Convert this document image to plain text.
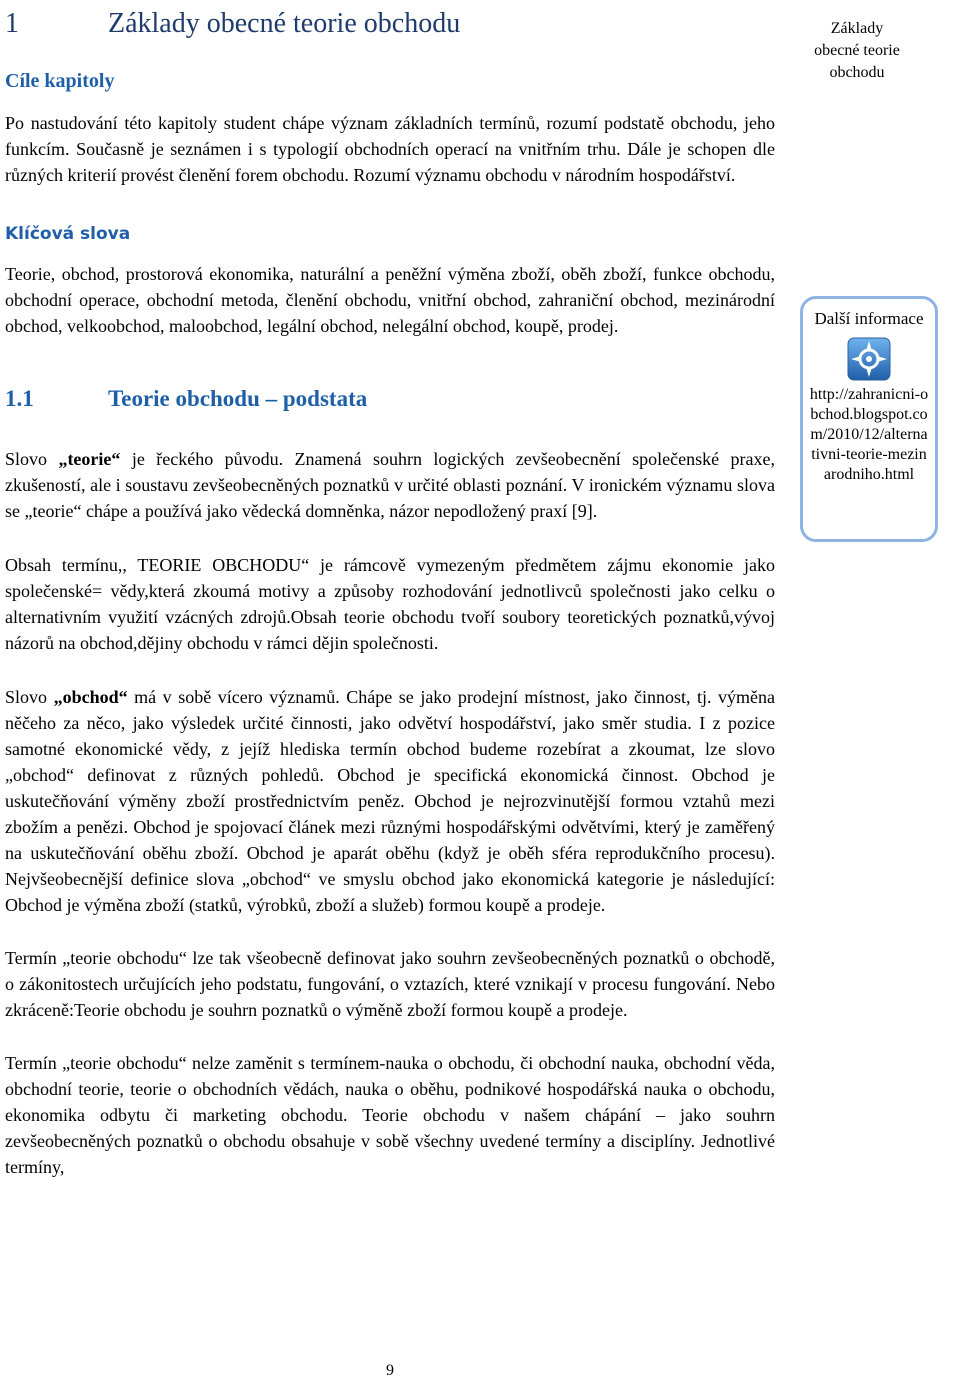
1	Základy obecné teorie obchodu
Cíle kapitoly

Po nastudování této kapitoly student chápe význam základních termínů, rozumí podstatě obchodu, jeho funkcím. Současně je seznámen i s typologií obchodních operací na vnitřním trhu. Dále je schopen dle různých kriterií provést členění forem obchodu. Rozumí významu obchodu v národním hospodářství.

Klíčová slova

Teorie, obchod, prostorová ekonomika, naturální a peněžní výměna zboží, oběh zboží, funkce obchodu, obchodní operace, obchodní metoda, členění obchodu, vnitřní obchod, zahraniční obchod, mezinárodní obchod, velkoobchod, maloobchod, legální obchod, nelegální obchod, koupě, prodej.

1.1	Teorie obchodu – podstata

Slovo „teorie“ je řeckého původu. Znamená souhrn logických zevšeobecnění společenské praxe, zkušeností, ale i soustavu zevšeobecněných poznatků v určité oblasti poznání. V ironickém významu slova se „teorie“ chápe a používá jako vědecká domněnka, názor nepodložený praxí [9].

Obsah termínu,, TEORIE OBCHODU“ je rámcově vymezeným předmětem zájmu ekonomie jako společenské= vědy,která zkoumá motivy a způsoby rozhodování jednotlivců společnosti jako celku o alternativním využití vzácných zdrojů.Obsah teorie obchodu tvoří soubory teoretických poznatků,vývoj názorů na obchod,dějiny obchodu v rámci dějin společnosti.

Slovo „obchod“ má v sobě vícero významů. Chápe se jako prodejní místnost, jako činnost, tj. výměna něčeho za něco, jako výsledek určité činnosti, jako odvětví hospodářství, jako směr studia. I z pozice samotné ekonomické vědy, z jejíž hlediska termín obchod budeme rozebírat a zkoumat, lze slovo „obchod“ definovat z různých pohledů. Obchod je specifická ekonomická činnost. Obchod je uskutečňování výměny zboží prostřednictvím peněz. Obchod je nejrozvinutější formou vztahů mezi zbožím a penězi. Obchod je spojovací článek mezi různými hospodářskými odvětvími, který je zaměřený na uskutečňování oběhu zboží. Obchod je aparát oběhu (když je oběh sféra reprodukčního procesu). Nejvšeobecnější definice slova „obchod“ ve smyslu obchod jako ekonomická kategorie je následující: Obchod je výměna zboží (statků, výrobků, zboží a služeb) formou koupě a prodeje.

Termín „teorie obchodu“ lze tak všeobecně definovat jako souhrn zevšeobecněných poznatků o obchodě, o zákonitostech určujících jeho podstatu, fungování, o vztazích, které vznikají v procesu fungování. Nebo zkráceně:Teorie obchodu je souhrn poznatků o výměně zboží formou koupě a prodeje.

Termín „teorie obchodu“ nelze zaměnit s termínem-nauka o obchodu, či obchodní nauka, obchodní věda, obchodní teorie, teorie o obchodních vědách, nauka o oběhu, podnikové hospodářská nauka o obchodu, ekonomika odbytu či marketing obchodu. Teorie obchodu v našem chápání – jako souhrn zevšeobecněných poznatků o obchodu obsahuje v sobě všechny uvedené termíny a disciplíny. Jednotlivé termíny,

Základy obecné teorie obchodu
Další informace
http://zahranicni-obchod.blogspot.com/2010/12/alternativni-teorie-mezinarodniho.html
9
